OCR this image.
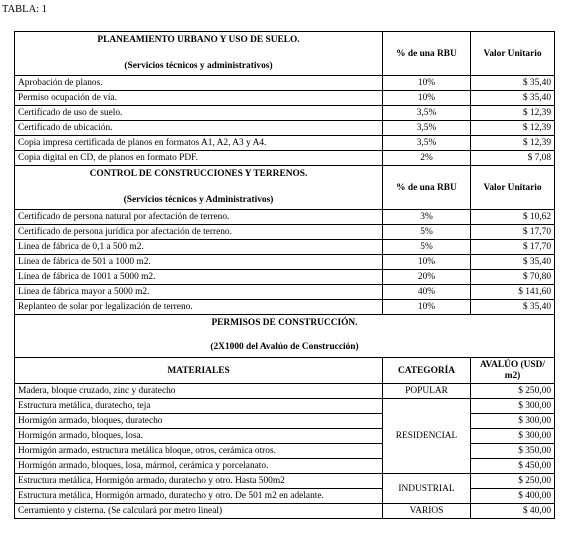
TABLA: 1
PLANEAMIENTO URBANO Y USO DE SUELO.
(Servicios técnicos y administrativos)	% de una RBU	Valor Unitario
Aprobación de planos.	10%	$ 35,40
Permiso ocupación de vía.	10%	$ 35,40
Certificado de uso de suelo.	3,5%	$ 12,39
Certificado de ubicación.	3,5%	$ 12,39
Copia impresa certificada de planos en formatos A1, A2, A3 y A4.	3,5%	$ 12,39
Copia digital en CD, de planos en formato PDF.	2%	$ 7,08

CONTROL DE CONSTRUCCIONES Y TERRENOS.
(Servicios técnicos y Administrativos)	% de una RBU	Valor Unitario
Certificado de persona natural por afectación de terreno.	3%	$ 10,62
Certificado de persona jurídica por afectación de terreno.	5%	$ 17,70
Línea de fábrica de 0,1 a 500 m2.	5%	$ 17,70
Línea de fábrica de 501 a 1000 m2.	10%	$ 35,40
Línea de fábrica de 1001 a 5000 m2.	20%	$ 70,80
Línea de fábrica mayor a 5000 m2.	40%	$ 141,60
Replanteo de solar por legalización de terreno.	10%	$ 35,40

PERMISOS DE CONSTRUCCIÓN.
(2X1000 del Avalúo de Construcción)		

MATERIALES	CATEGORÍA	AVALÚO (USD/ m2)
Madera, bloque cruzado, zinc y duratecho	POPULAR	$ 250,00
Estructura metálica, duratecho, teja	RESIDENCIAL	$ 300,00
Hormigón armado, bloques, duratecho		$ 300,00
Hormigón armado, bloques, losa.		$ 300,00
Hormigón armado, estructura metálica bloque, otros, cerámica otros.		$ 350,00
Hormigón armado, bloques, losa, mármol, cerámica y porcelanato.		$ 450,00
Estructura metálica, Hormigón armado, duratecho y otro. Hasta 500m2	INDUSTRIAL	$ 250,00
Estructura metálica, Hormigón armado, duratecho y otro. De 501 m2 en adelante.		$ 400,00
Cerramiento y cisterna. (Se calculará por metro lineal)	VARIOS	$ 40,00
